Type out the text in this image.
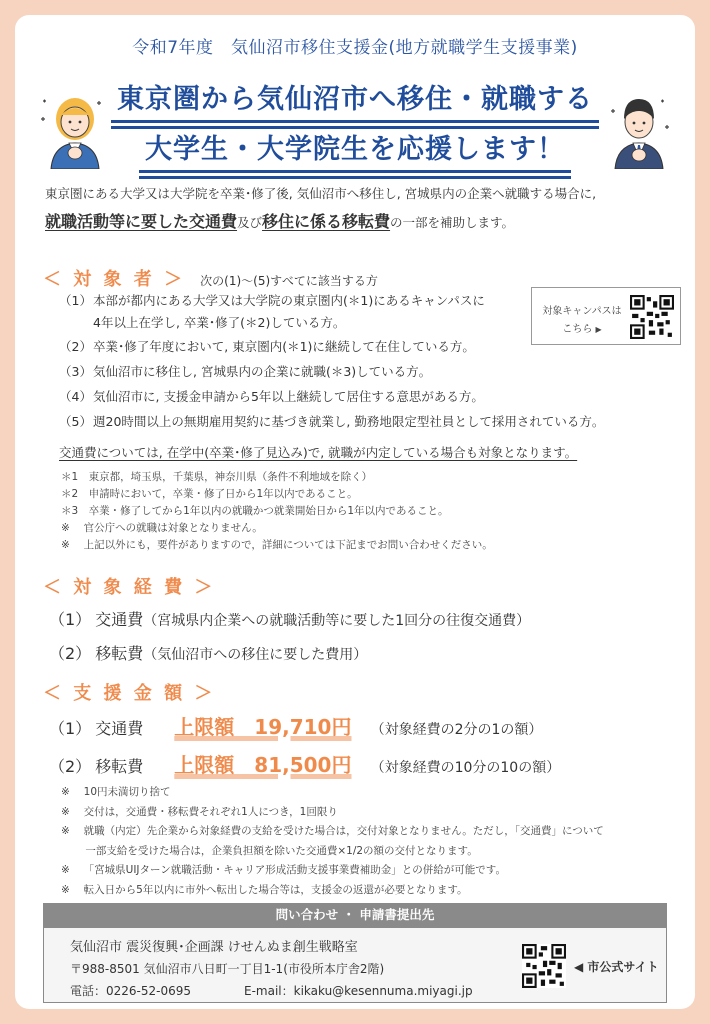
令和7年度　気仙沼市移住支援金(地方就職学生支援事業)
東京圏から気仙沼市へ移住・就職する
大学生・大学院生を応援します！
東京圏にある大学又は大学院を卒業･修了後, 気仙沼市へ移住し, 宮城県内の企業へ就職する場合に,
就職活動等に要した交通費及び移住に係る移転費の一部を補助します。
＜ 対 象 者 ＞ 次の(1)～(5)すべてに該当する方
（1）本部が都内にある大学又は大学院の東京圏内(＊1)にあるキャンパスに
4年以上在学し, 卒業･修了(＊2)している方。
（2）卒業･修了年度において, 東京圏内(＊1)に継続して在住している方。
（3）気仙沼市に移住し, 宮城県内の企業に就職(＊3)している方。
（4）気仙沼市に, 支援金申請から5年以上継続して居住する意思がある方。
（5）週20時間以上の無期雇用契約に基づき就業し, 勤務地限定型社員として採用されている方。
交通費については, 在学中(卒業･修了見込み)で, 就職が内定している場合も対象となります。
＊1　東京都，埼玉県，千葉県，神奈川県（条件不利地域を除く）
＊2　申請時において，卒業・修了日から1年以内であること。
＊3　卒業・修了してから1年以内の就職かつ就業開始日から1年以内であること。
※　 官公庁への就職は対象となりません。
※　 上記以外にも，要件がありますので，詳細については下記までお問い合わせください。
対象キャンパスは
こちら ▶
＜ 対 象 経 費 ＞
（1） 交通費（宮城県内企業への就職活動等に要した1回分の往復交通費）
（2） 移転費（気仙沼市への移住に要した費用）
＜ 支 援 金 額 ＞
（1） 交通費 上限額　19,710円 （対象経費の2分の1の額）
（2） 移転費 上限額　81,500円 （対象経費の10分の10の額）
※　 10円未満切り捨て
※　 交付は，交通費・移転費それぞれ1人につき，1回限り
※　 就職（内定）先企業から対象経費の支給を受けた場合は，交付対象となりません。ただし，「交通費」について
　　 一部支給を受けた場合は，企業負担額を除いた交通費×1/2の額の交付となります。
※　 「宮城県UIJターン就職活動・キャリア形成活動支援事業費補助金」との併給が可能です。
※　 転入日から5年以内に市外へ転出した場合等は，支援金の返還が必要となります。
問い合わせ ・ 申請書提出先
気仙沼市 震災復興･企画課 けせんぬま創生戦略室
〒988-8501 気仙沼市八日町一丁目1-1(市役所本庁舎2階)
電話：0226-52-0695	E-mail：kikaku@kesennuma.miyagi.jp
◀ 市公式サイト
